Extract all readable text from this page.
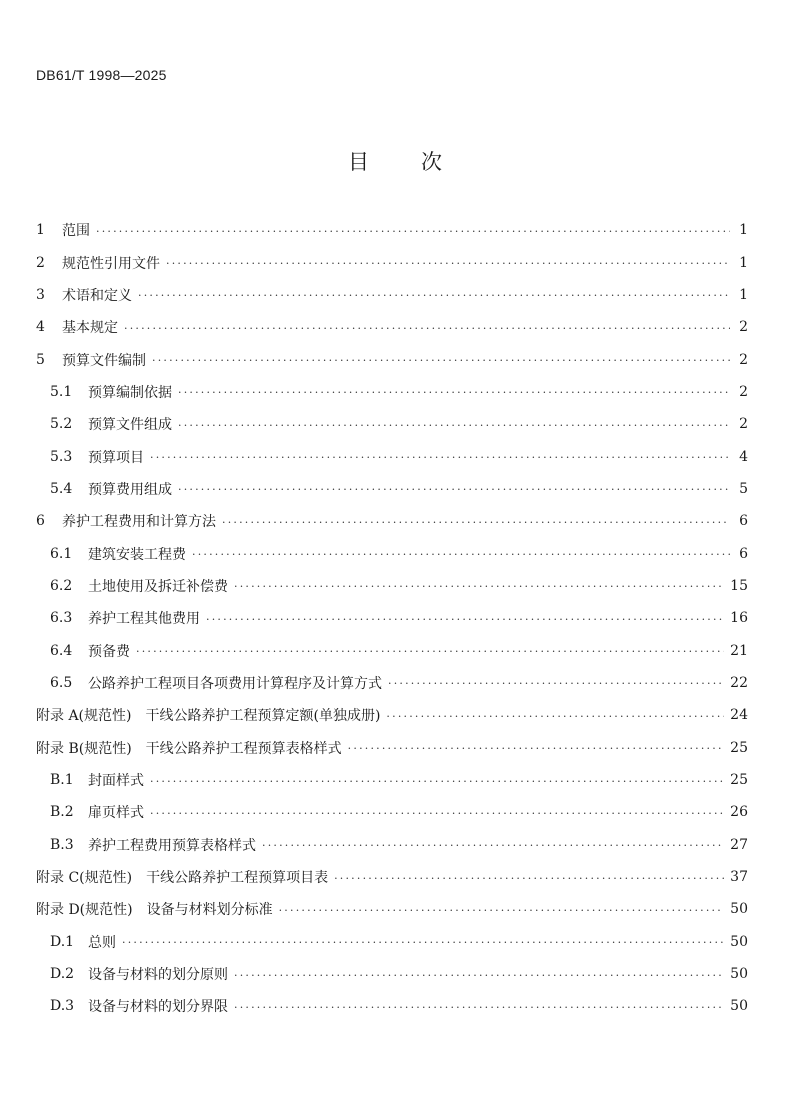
DB61/T 1998—2025
目 次
1	范围 ·····	1
2	规范性引用文件 ·····	1
3	术语和定义 ·····	1
4	基本规定 ·····	2
5	预算文件编制 ·····	2
5.1	预算编制依据 ·····	2
5.2	预算文件组成 ·····	2
5.3	预算项目 ·····	4
5.4	预算费用组成 ·····	5
6	养护工程费用和计算方法 ·····	6
6.1	建筑安装工程费 ·····	6
6.2	土地使用及拆迁补偿费 ·····	15
6.3	养护工程其他费用 ·····	16
6.4	预备费 ·····	21
6.5	公路养护工程项目各项费用计算程序及计算方式 ·····	22
附录 A(规范性)　干线公路养护工程预算定额(单独成册) ·····	24
附录 B(规范性)　干线公路养护工程预算表格样式 ·····	25
B.1	封面样式 ·····	25
B.2	扉页样式 ·····	26
B.3	养护工程费用预算表格样式 ·····	27
附录 C(规范性)　干线公路养护工程预算项目表 ·····	37
附录 D(规范性)　设备与材料划分标准 ·····	50
D.1 总则 ·····	50
D.2 设备与材料的划分原则 ·····	50
D.3 设备与材料的划分界限 ·····	50
